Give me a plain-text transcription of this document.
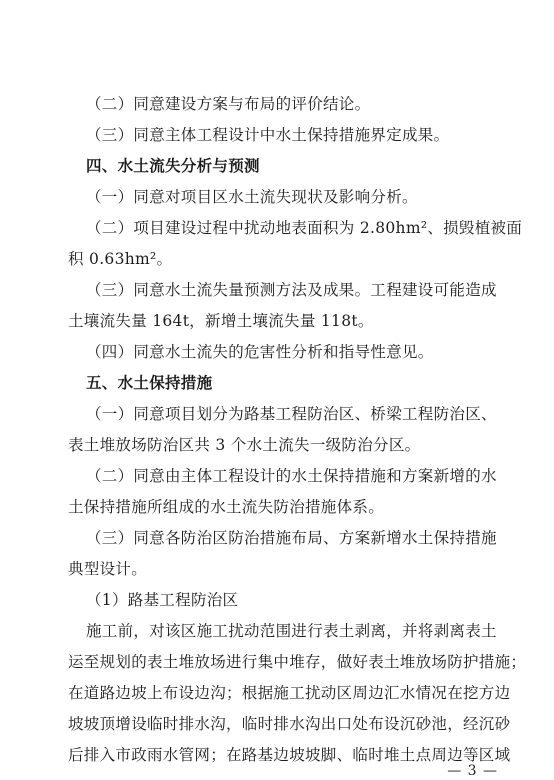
（二）同意建设方案与布局的评价结论。
（三）同意主体工程设计中水土保持措施界定成果。
四、水土流失分析与预测
（一）同意对项目区水土流失现状及影响分析。
（二）项目建设过程中扰动地表面积为 2.80hm²、损毁植被面
积 0.63hm²。
（三）同意水土流失量预测方法及成果。工程建设可能造成
土壤流失量 164t，新增土壤流失量 118t。
（四）同意水土流失的危害性分析和指导性意见。
五、水土保持措施
（一）同意项目划分为路基工程防治区、桥梁工程防治区、
表土堆放场防治区共 3 个水土流失一级防治分区。
（二）同意由主体工程设计的水土保持措施和方案新增的水
土保持措施所组成的水土流失防治措施体系。
（三）同意各防治区防治措施布局、方案新增水土保持措施
典型设计。
（1）路基工程防治区
施工前，对该区施工扰动范围进行表土剥离，并将剥离表土
运至规划的表土堆放场进行集中堆存，做好表土堆放场防护措施；
在道路边坡上布设边沟；根据施工扰动区周边汇水情况在挖方边
坡坡顶增设临时排水沟，临时排水沟出口处布设沉砂池，经沉砂
后排入市政雨水管网；在路基边坡坡脚、临时堆土点周边等区域
— 3 —
